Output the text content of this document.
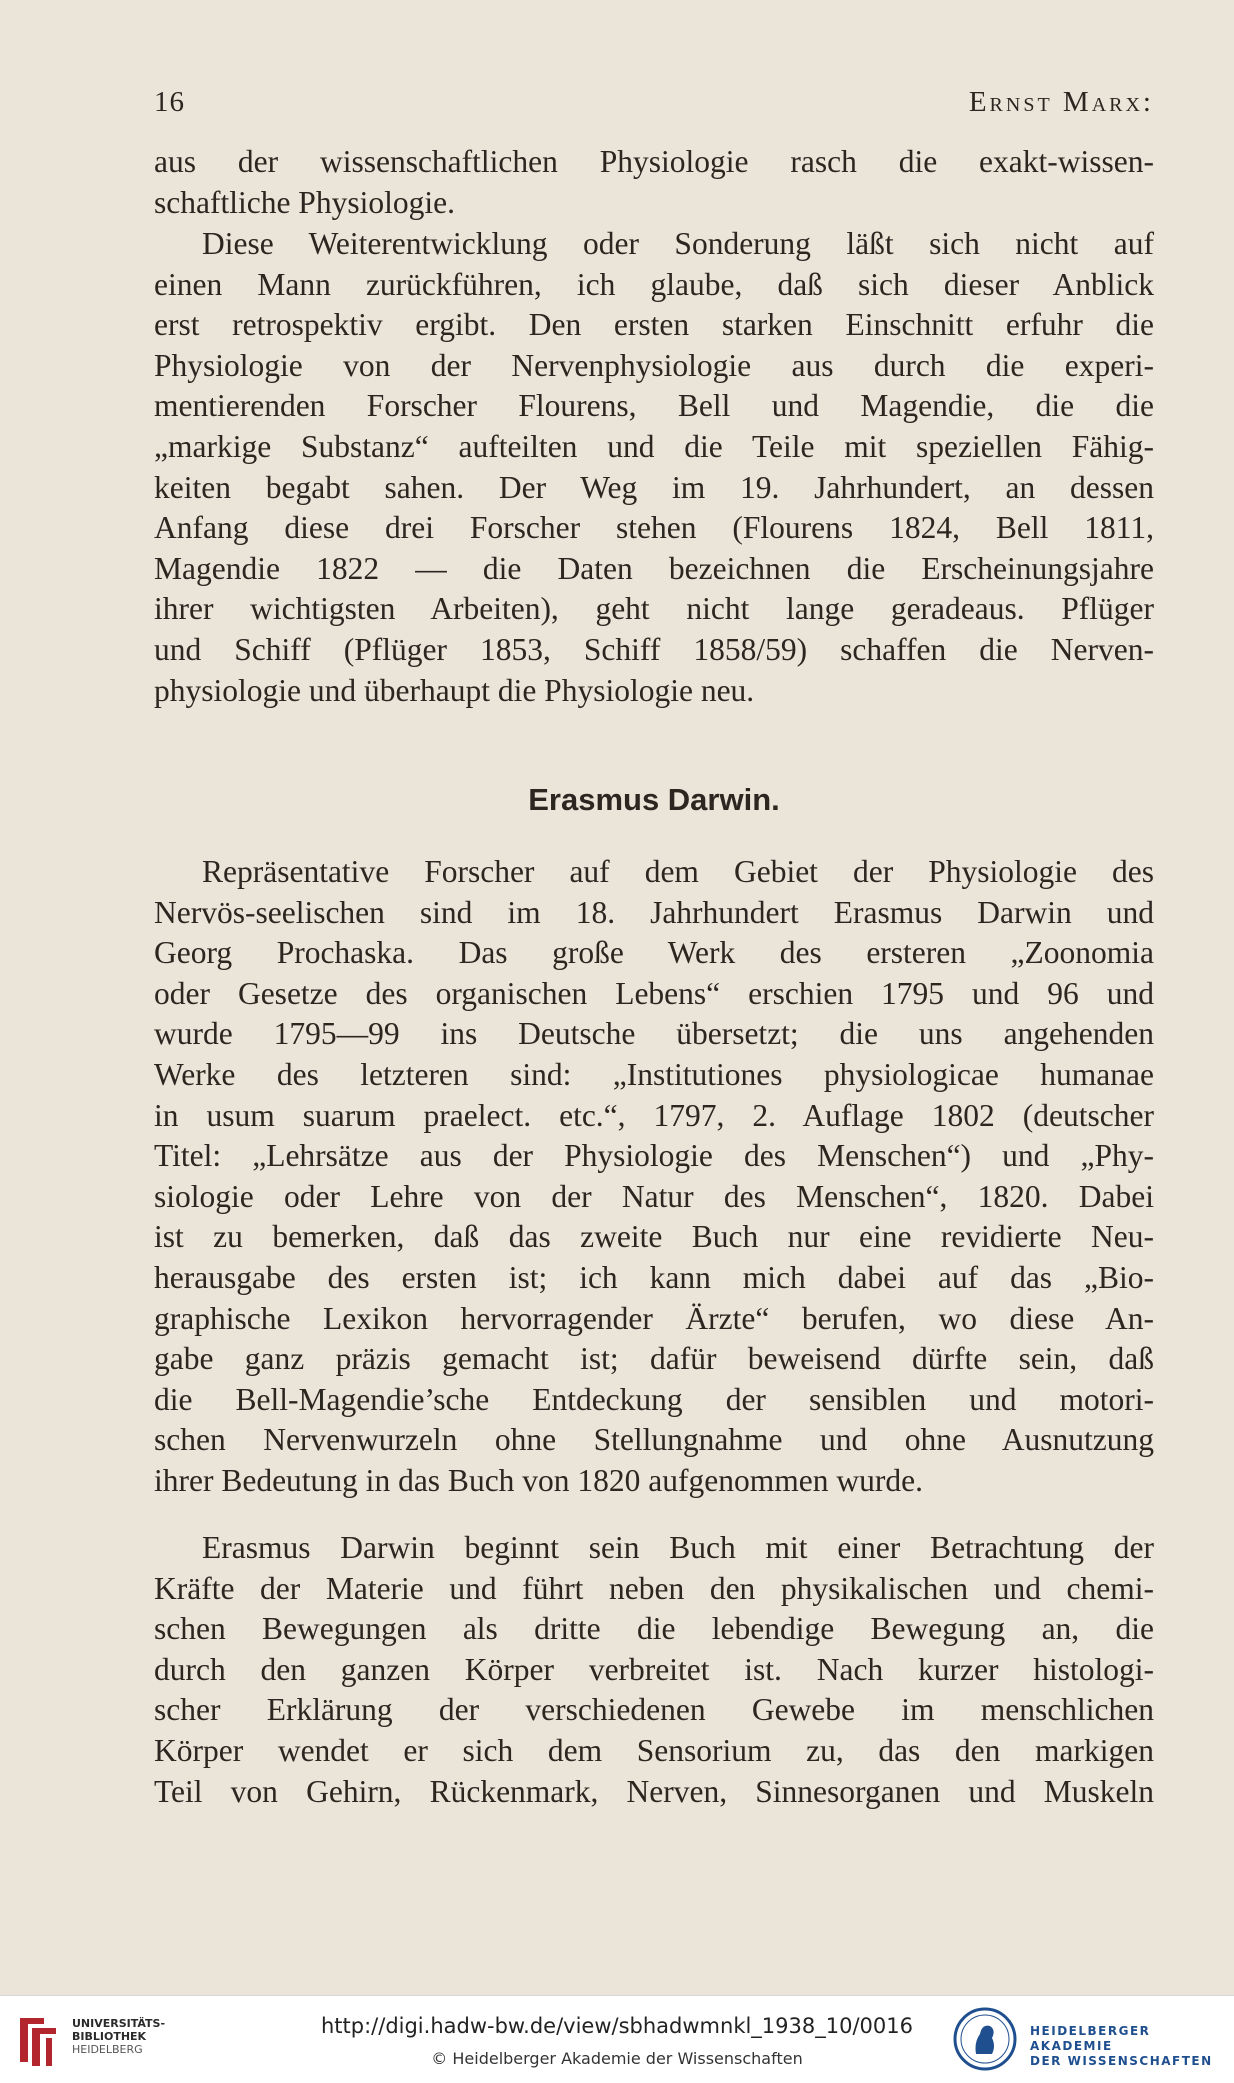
16	Ernst Marx:
aus der wissenschaftlichen Physiologie rasch die exakt-wissen-
schaftliche Physiologie.
Diese Weiterentwicklung oder Sonderung läßt sich nicht auf
einen Mann zurückführen, ich glaube, daß sich dieser Anblick
erst retrospektiv ergibt. Den ersten starken Einschnitt erfuhr die
Physiologie von der Nervenphysiologie aus durch die experi-
mentierenden Forscher Flourens, Bell und Magendie, die die
„markige Substanz“ aufteilten und die Teile mit speziellen Fähig-
keiten begabt sahen. Der Weg im 19. Jahrhundert, an dessen
Anfang diese drei Forscher stehen (Flourens 1824, Bell 1811,
Magendie 1822 — die Daten bezeichnen die Erscheinungsjahre
ihrer wichtigsten Arbeiten), geht nicht lange geradeaus. Pflüger
und Schiff (Pflüger 1853, Schiff 1858/59) schaffen die Nerven-
physiologie und überhaupt die Physiologie neu.
Erasmus Darwin.
Repräsentative Forscher auf dem Gebiet der Physiologie des
Nervös-seelischen sind im 18. Jahrhundert Erasmus Darwin und
Georg Prochaska. Das große Werk des ersteren „Zoonomia
oder Gesetze des organischen Lebens“ erschien 1795 und 96 und
wurde 1795—99 ins Deutsche übersetzt; die uns angehenden
Werke des letzteren sind: „Institutiones physiologicae humanae
in usum suarum praelect. etc.“, 1797, 2. Auflage 1802 (deutscher
Titel: „Lehrsätze aus der Physiologie des Menschen“) und „Phy-
siologie oder Lehre von der Natur des Menschen“, 1820. Dabei
ist zu bemerken, daß das zweite Buch nur eine revidierte Neu-
herausgabe des ersten ist; ich kann mich dabei auf das „Bio-
graphische Lexikon hervorragender Ärzte“ berufen, wo diese An-
gabe ganz präzis gemacht ist; dafür beweisend dürfte sein, daß
die Bell-Magendie’sche Entdeckung der sensiblen und motori-
schen Nervenwurzeln ohne Stellungnahme und ohne Ausnutzung
ihrer Bedeutung in das Buch von 1820 aufgenommen wurde.
Erasmus Darwin beginnt sein Buch mit einer Betrachtung der
Kräfte der Materie und führt neben den physikalischen und chemi-
schen Bewegungen als dritte die lebendige Bewegung an, die
durch den ganzen Körper verbreitet ist. Nach kurzer histologi-
scher Erklärung der verschiedenen Gewebe im menschlichen
Körper wendet er sich dem Sensorium zu, das den markigen
Teil von Gehirn, Rückenmark, Nerven, Sinnesorganen und Muskeln
UNIVERSITÄTS-
BIBLIOTHEK
HEIDELBERG
http://digi.hadw-bw.de/view/sbhadwmnkl_1938_10/0016
© Heidelberger Akademie der Wissenschaften
HEIDELBERGER AKADEMIE
DER WISSENSCHAFTEN
